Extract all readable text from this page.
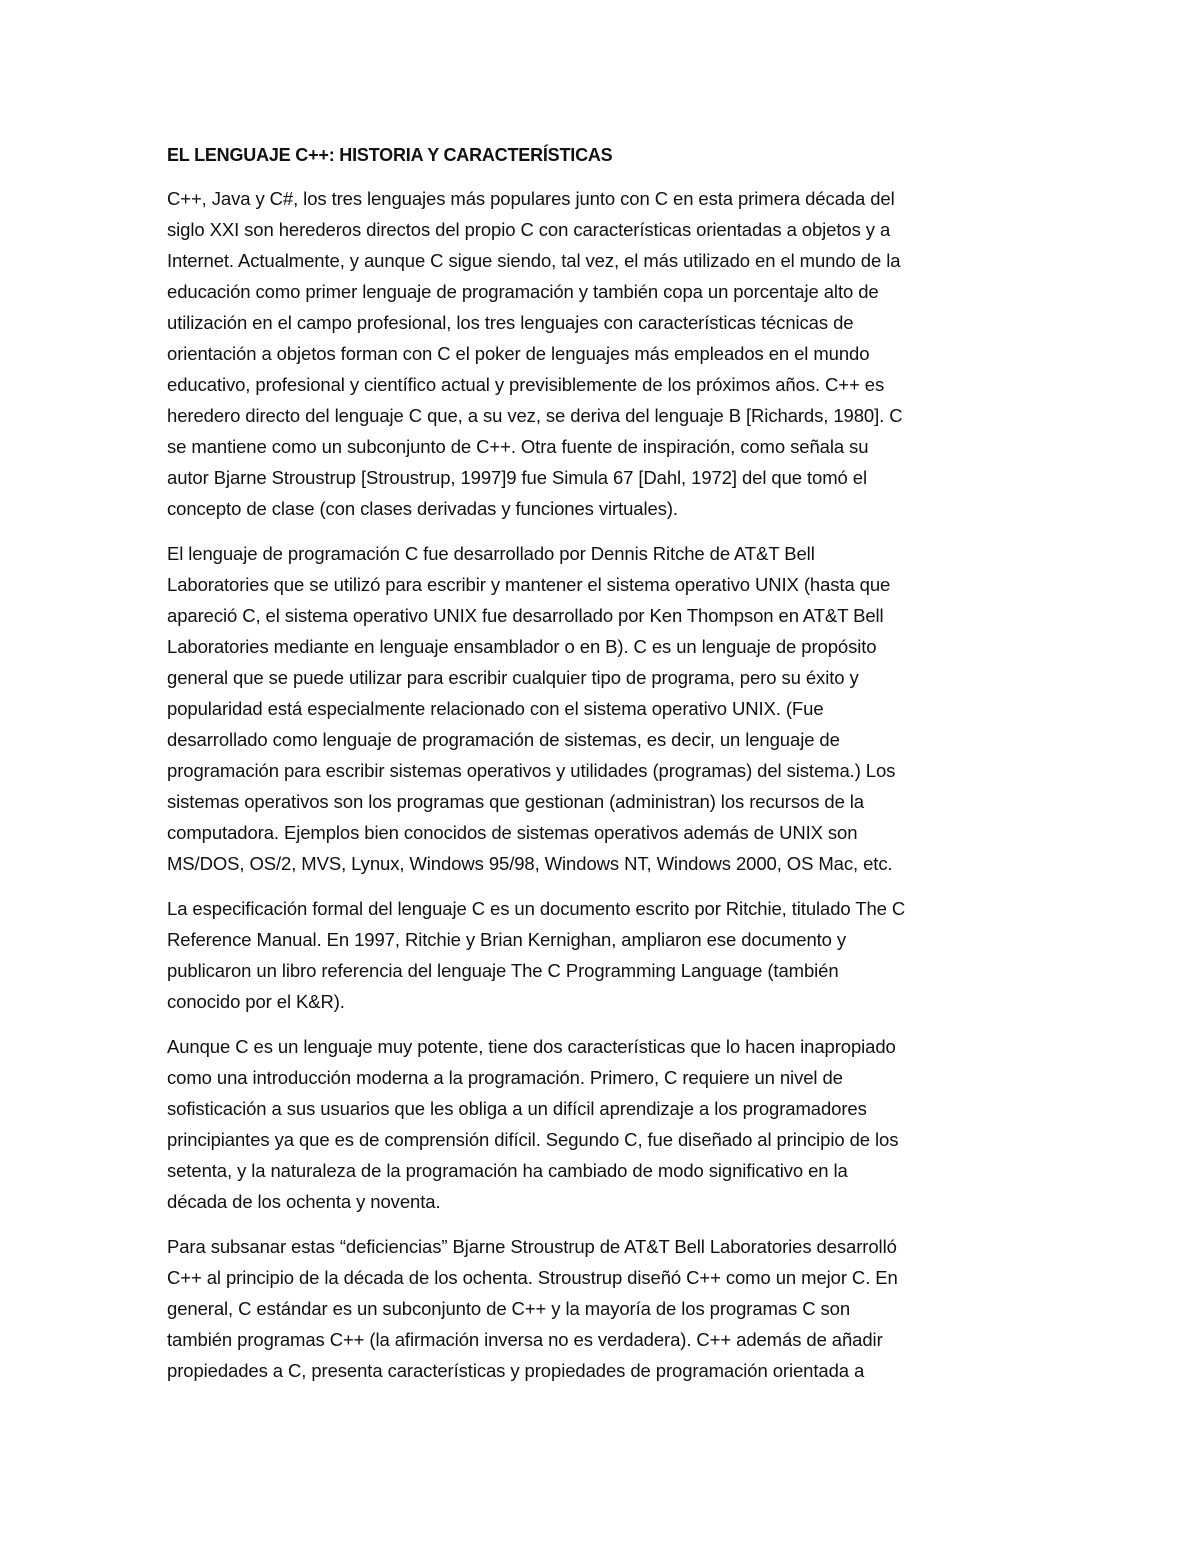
EL LENGUAJE C++: HISTORIA Y CARACTERÍSTICAS
C++, Java y C#, los tres lenguajes más populares junto con C en esta primera década del
siglo XXI son herederos directos del propio C con características orientadas a objetos y a
Internet. Actualmente, y aunque C sigue siendo, tal vez, el más utilizado en el mundo de la
educación como primer lenguaje de programación y también copa un porcentaje alto de
utilización en el campo profesional, los tres lenguajes con características técnicas de
orientación a objetos forman con C el poker de lenguajes más empleados en el mundo
educativo, profesional y científico actual y previsiblemente de los próximos años. C++ es
heredero directo del lenguaje C que, a su vez, se deriva del lenguaje B [Richards, 1980]. C
se mantiene como un subconjunto de C++. Otra fuente de inspiración, como señala su
autor Bjarne Stroustrup [Stroustrup, 1997]9 fue Simula 67 [Dahl, 1972] del que tomó el
concepto de clase (con clases derivadas y funciones virtuales).
El lenguaje de programación C fue desarrollado por Dennis Ritche de AT&T Bell
Laboratories que se utilizó para escribir y mantener el sistema operativo UNIX (hasta que
apareció C, el sistema operativo UNIX fue desarrollado por Ken Thompson en AT&T Bell
Laboratories mediante en lenguaje ensamblador o en B). C es un lenguaje de propósito
general que se puede utilizar para escribir cualquier tipo de programa, pero su éxito y
popularidad está especialmente relacionado con el sistema operativo UNIX. (Fue
desarrollado como lenguaje de programación de sistemas, es decir, un lenguaje de
programación para escribir sistemas operativos y utilidades (programas) del sistema.) Los
sistemas operativos son los programas que gestionan (administran) los recursos de la
computadora. Ejemplos bien conocidos de sistemas operativos además de UNIX son
MS/DOS, OS/2, MVS, Lynux, Windows 95/98, Windows NT, Windows 2000, OS Mac, etc.
La especificación formal del lenguaje C es un documento escrito por Ritchie, titulado The C
Reference Manual. En 1997, Ritchie y Brian Kernighan, ampliaron ese documento y
publicaron un libro referencia del lenguaje The C Programming Language (también
conocido por el K&R).
Aunque C es un lenguaje muy potente, tiene dos características que lo hacen inapropiado
como una introducción moderna a la programación. Primero, C requiere un nivel de
sofisticación a sus usuarios que les obliga a un difícil aprendizaje a los programadores
principiantes ya que es de comprensión difícil. Segundo C, fue diseñado al principio de los
setenta, y la naturaleza de la programación ha cambiado de modo significativo en la
década de los ochenta y noventa.
Para subsanar estas “deficiencias” Bjarne Stroustrup de AT&T Bell Laboratories desarrolló
C++ al principio de la década de los ochenta. Stroustrup diseñó C++ como un mejor C. En
general, C estándar es un subconjunto de C++ y la mayoría de los programas C son
también programas C++ (la afirmación inversa no es verdadera). C++ además de añadir
propiedades a C, presenta características y propiedades de programación orientada a
